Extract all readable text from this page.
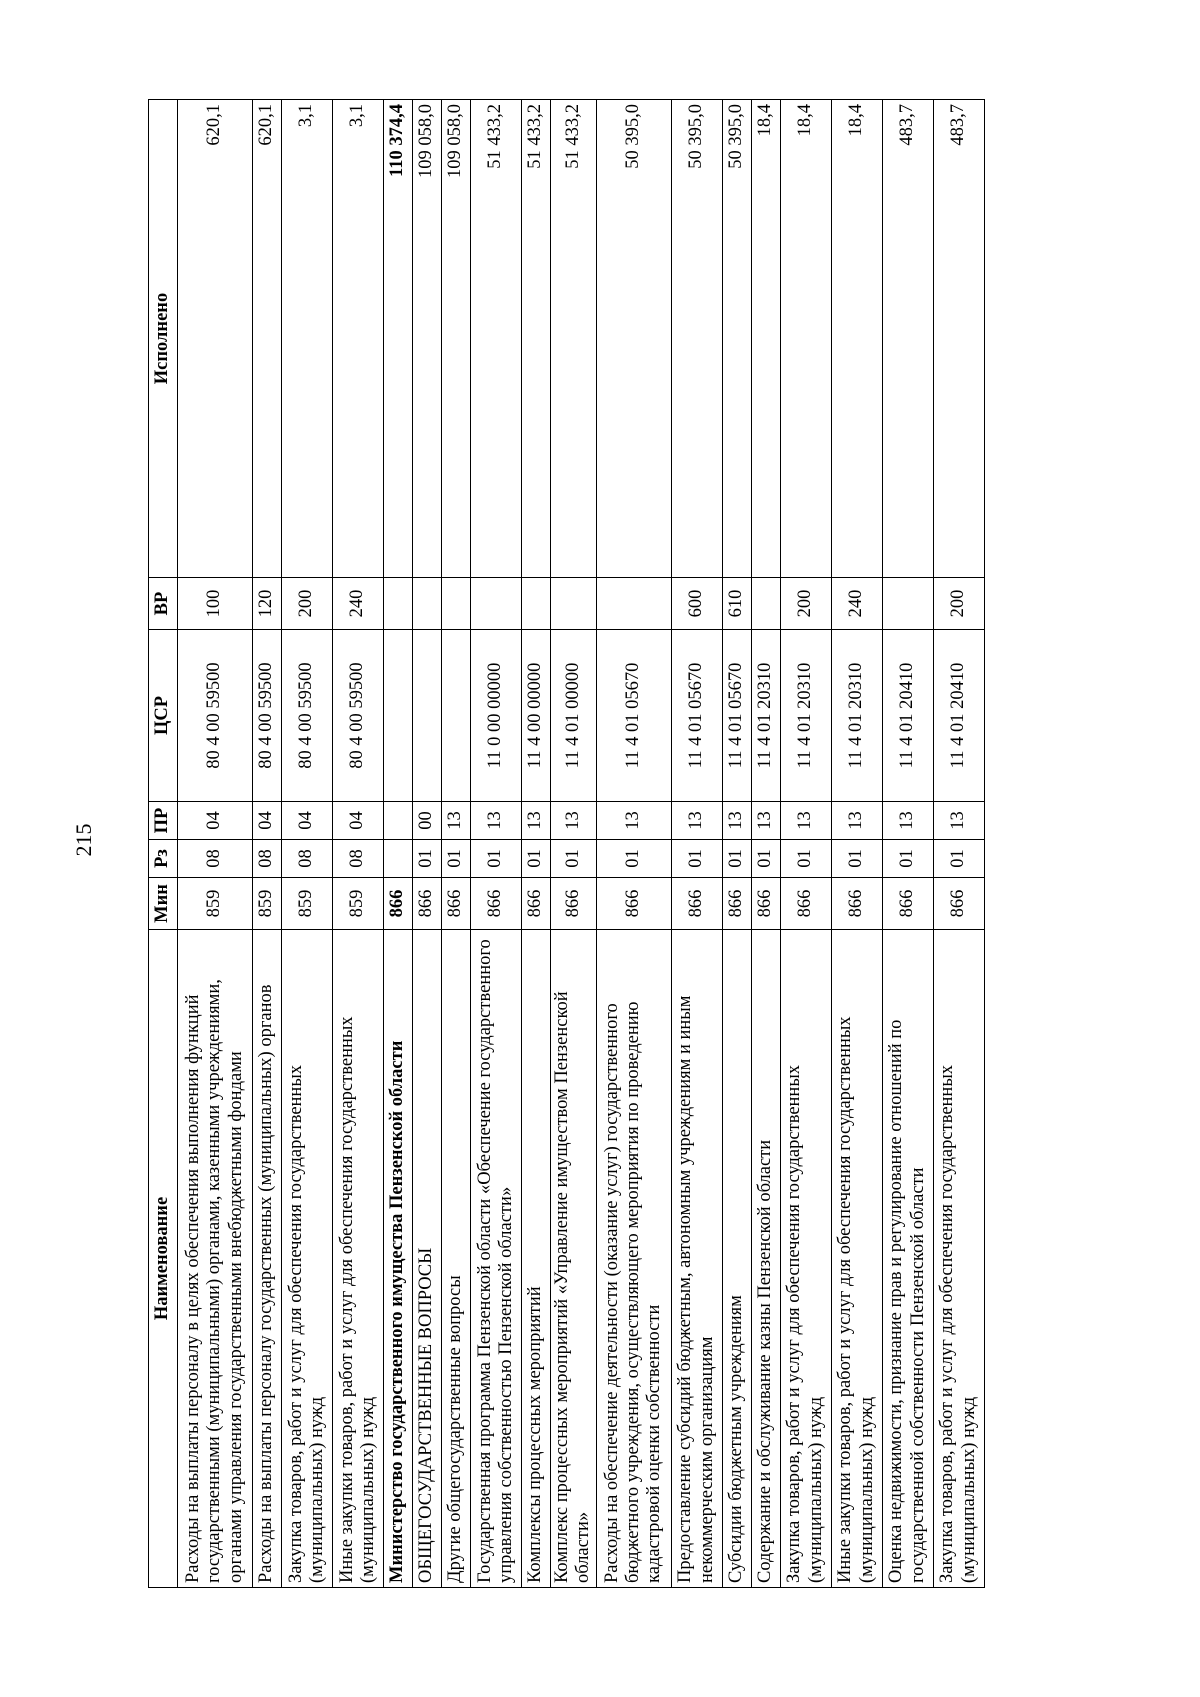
215
Наименование	Мин	Рз	ПР	ЦСР	ВР	Исполнено
Расходы на выплаты персоналу в целях обеспечения выполнения функций государственными (муниципальными) органами, казенными учреждениями, органами управления государственными внебюджетными фондами	859	08	04	80 4 00 59500	100	620,1
Расходы на выплаты персоналу государственных (муниципальных) органов	859	08	04	80 4 00 59500	120	620,1
Закупка товаров, работ и услуг для обеспечения государственных (муниципальных) нужд	859	08	04	80 4 00 59500	200	3,1
Иные закупки товаров, работ и услуг для обеспечения государственных (муниципальных) нужд	859	08	04	80 4 00 59500	240	3,1
Министерство государственного имущества Пензенской области	866					110 374,4
ОБЩЕГОСУДАРСТВЕННЫЕ ВОПРОСЫ	866	01	00			109 058,0
Другие общегосударственные вопросы	866	01	13			109 058,0
Государственная программа Пензенской области «Обеспечение государственного управления собственностью Пензенской области»	866	01	13	11 0 00 00000		51 433,2
Комплексы процессных мероприятий	866	01	13	11 4 00 00000		51 433,2
Комплекс процессных мероприятий «Управление имуществом Пензенской области»	866	01	13	11 4 01 00000		51 433,2
Расходы на обеспечение деятельности (оказание услуг) государственного бюджетного учреждения, осуществляющего мероприятия по проведению кадастровой оценки собственности	866	01	13	11 4 01 05670		50 395,0
Предоставление субсидий бюджетным, автономным учреждениям и иным некоммерческим организациям	866	01	13	11 4 01 05670	600	50 395,0
Субсидии бюджетным учреждениям	866	01	13	11 4 01 05670	610	50 395,0
Содержание и обслуживание казны Пензенской области	866	01	13	11 4 01 20310		18,4
Закупка товаров, работ и услуг для обеспечения государственных (муниципальных) нужд	866	01	13	11 4 01 20310	200	18,4
Иные закупки товаров, работ и услуг для обеспечения государственных (муниципальных) нужд	866	01	13	11 4 01 20310	240	18,4
Оценка недвижимости, признание прав и регулирование отношений по государственной собственности Пензенской области	866	01	13	11 4 01 20410		483,7
Закупка товаров, работ и услуг для обеспечения государственных (муниципальных) нужд	866	01	13	11 4 01 20410	200	483,7
